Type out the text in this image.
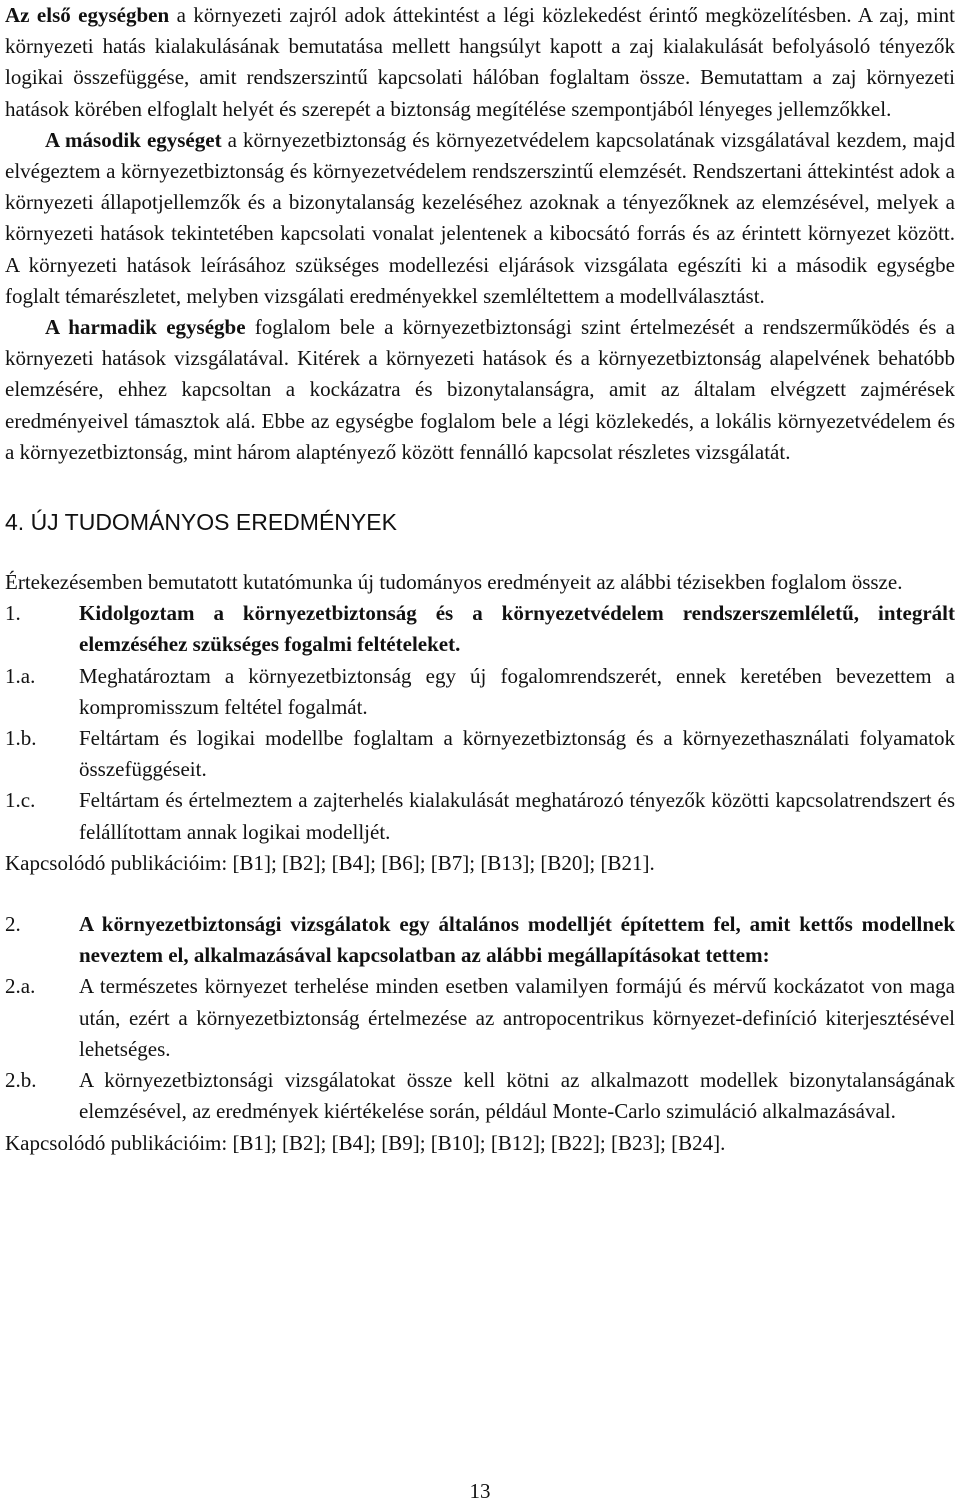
Az első egységben a környezeti zajról adok áttekintést a légi közlekedést érintő megközelítésben. A zaj, mint környezeti hatás kialakulásának bemutatása mellett hangsúlyt kapott a zaj kialakulását befolyásoló tényezők logikai összefüggése, amit rendszerszintű kapcsolati hálóban foglaltam össze. Bemutattam a zaj környezeti hatások körében elfoglalt helyét és szerepét a biztonság megítélése szempontjából lényeges jellemzőkkel.

A második egységet a környezetbiztonság és környezetvédelem kapcsolatának vizsgálatával kezdem, majd elvégeztem a környezetbiztonság és környezetvédelem rendszerszintű elemzését. Rendszertani áttekintést adok a környezeti állapotjellemzők és a bizonytalanság kezeléséhez azoknak a tényezőknek az elemzésével, melyek a környezeti hatások tekintetében kapcsolati vonalat jelentenek a kibocsátó forrás és az érintett környezet között. A környezeti hatások leírásához szükséges modellezési eljárások vizsgálata egészíti ki a második egységbe foglalt témarészletet, melyben vizsgálati eredményekkel szemléltettem a modellválasztást.

A harmadik egységbe foglalom bele a környezetbiztonsági szint értelmezését a rendszerműködés és a környezeti hatások vizsgálatával. Kitérek a környezeti hatások és a környezetbiztonság alapelvének behatóbb elemzésére, ehhez kapcsoltan a kockázatra és bizonytalanságra, amit az általam elvégzett zajmérések eredményeivel támasztok alá. Ebbe az egységbe foglalom bele a légi közlekedés, a lokális környezetvédelem és a környezetbiztonság, mint három alaptényező között fennálló kapcsolat részletes vizsgálatát.

4. ÚJ TUDOMÁNYOS EREDMÉNYEK

Értekezésemben bemutatott kutatómunka új tudományos eredményeit az alábbi tézisekben foglalom össze.

1.	Kidolgoztam a környezetbiztonság és a környezetvédelem rendszerszemléletű, integrált elemzéséhez szükséges fogalmi feltételeket.
1.a.	Meghatároztam a környezetbiztonság egy új fogalomrendszerét, ennek keretében bevezettem a kompromisszum feltétel fogalmát.
1.b.	Feltártam és logikai modellbe foglaltam a környezetbiztonság és a környezethasználati folyamatok összefüggéseit.
1.c.	Feltártam és értelmeztem a zajterhelés kialakulását meghatározó tényezők közötti kapcsolatrendszert és felállítottam annak logikai modelljét.

Kapcsolódó publikációim: [B1]; [B2]; [B4]; [B6]; [B7]; [B13]; [B20]; [B21].

2.	A környezetbiztonsági vizsgálatok egy általános modelljét építettem fel, amit kettős modellnek neveztem el, alkalmazásával kapcsolatban az alábbi megállapításokat tettem:
2.a.	A természetes környezet terhelése minden esetben valamilyen formájú és mérvű kockázatot von maga után, ezért a környezetbiztonság értelmezése az antropocentrikus környezet-definíció kiterjesztésével lehetséges.
2.b.	A környezetbiztonsági vizsgálatokat össze kell kötni az alkalmazott modellek bizonytalanságának elemzésével, az eredmények kiértékelése során, például Monte-Carlo szimuláció alkalmazásával.

Kapcsolódó publikációim: [B1]; [B2]; [B4]; [B9]; [B10]; [B12]; [B22]; [B23]; [B24].

13
